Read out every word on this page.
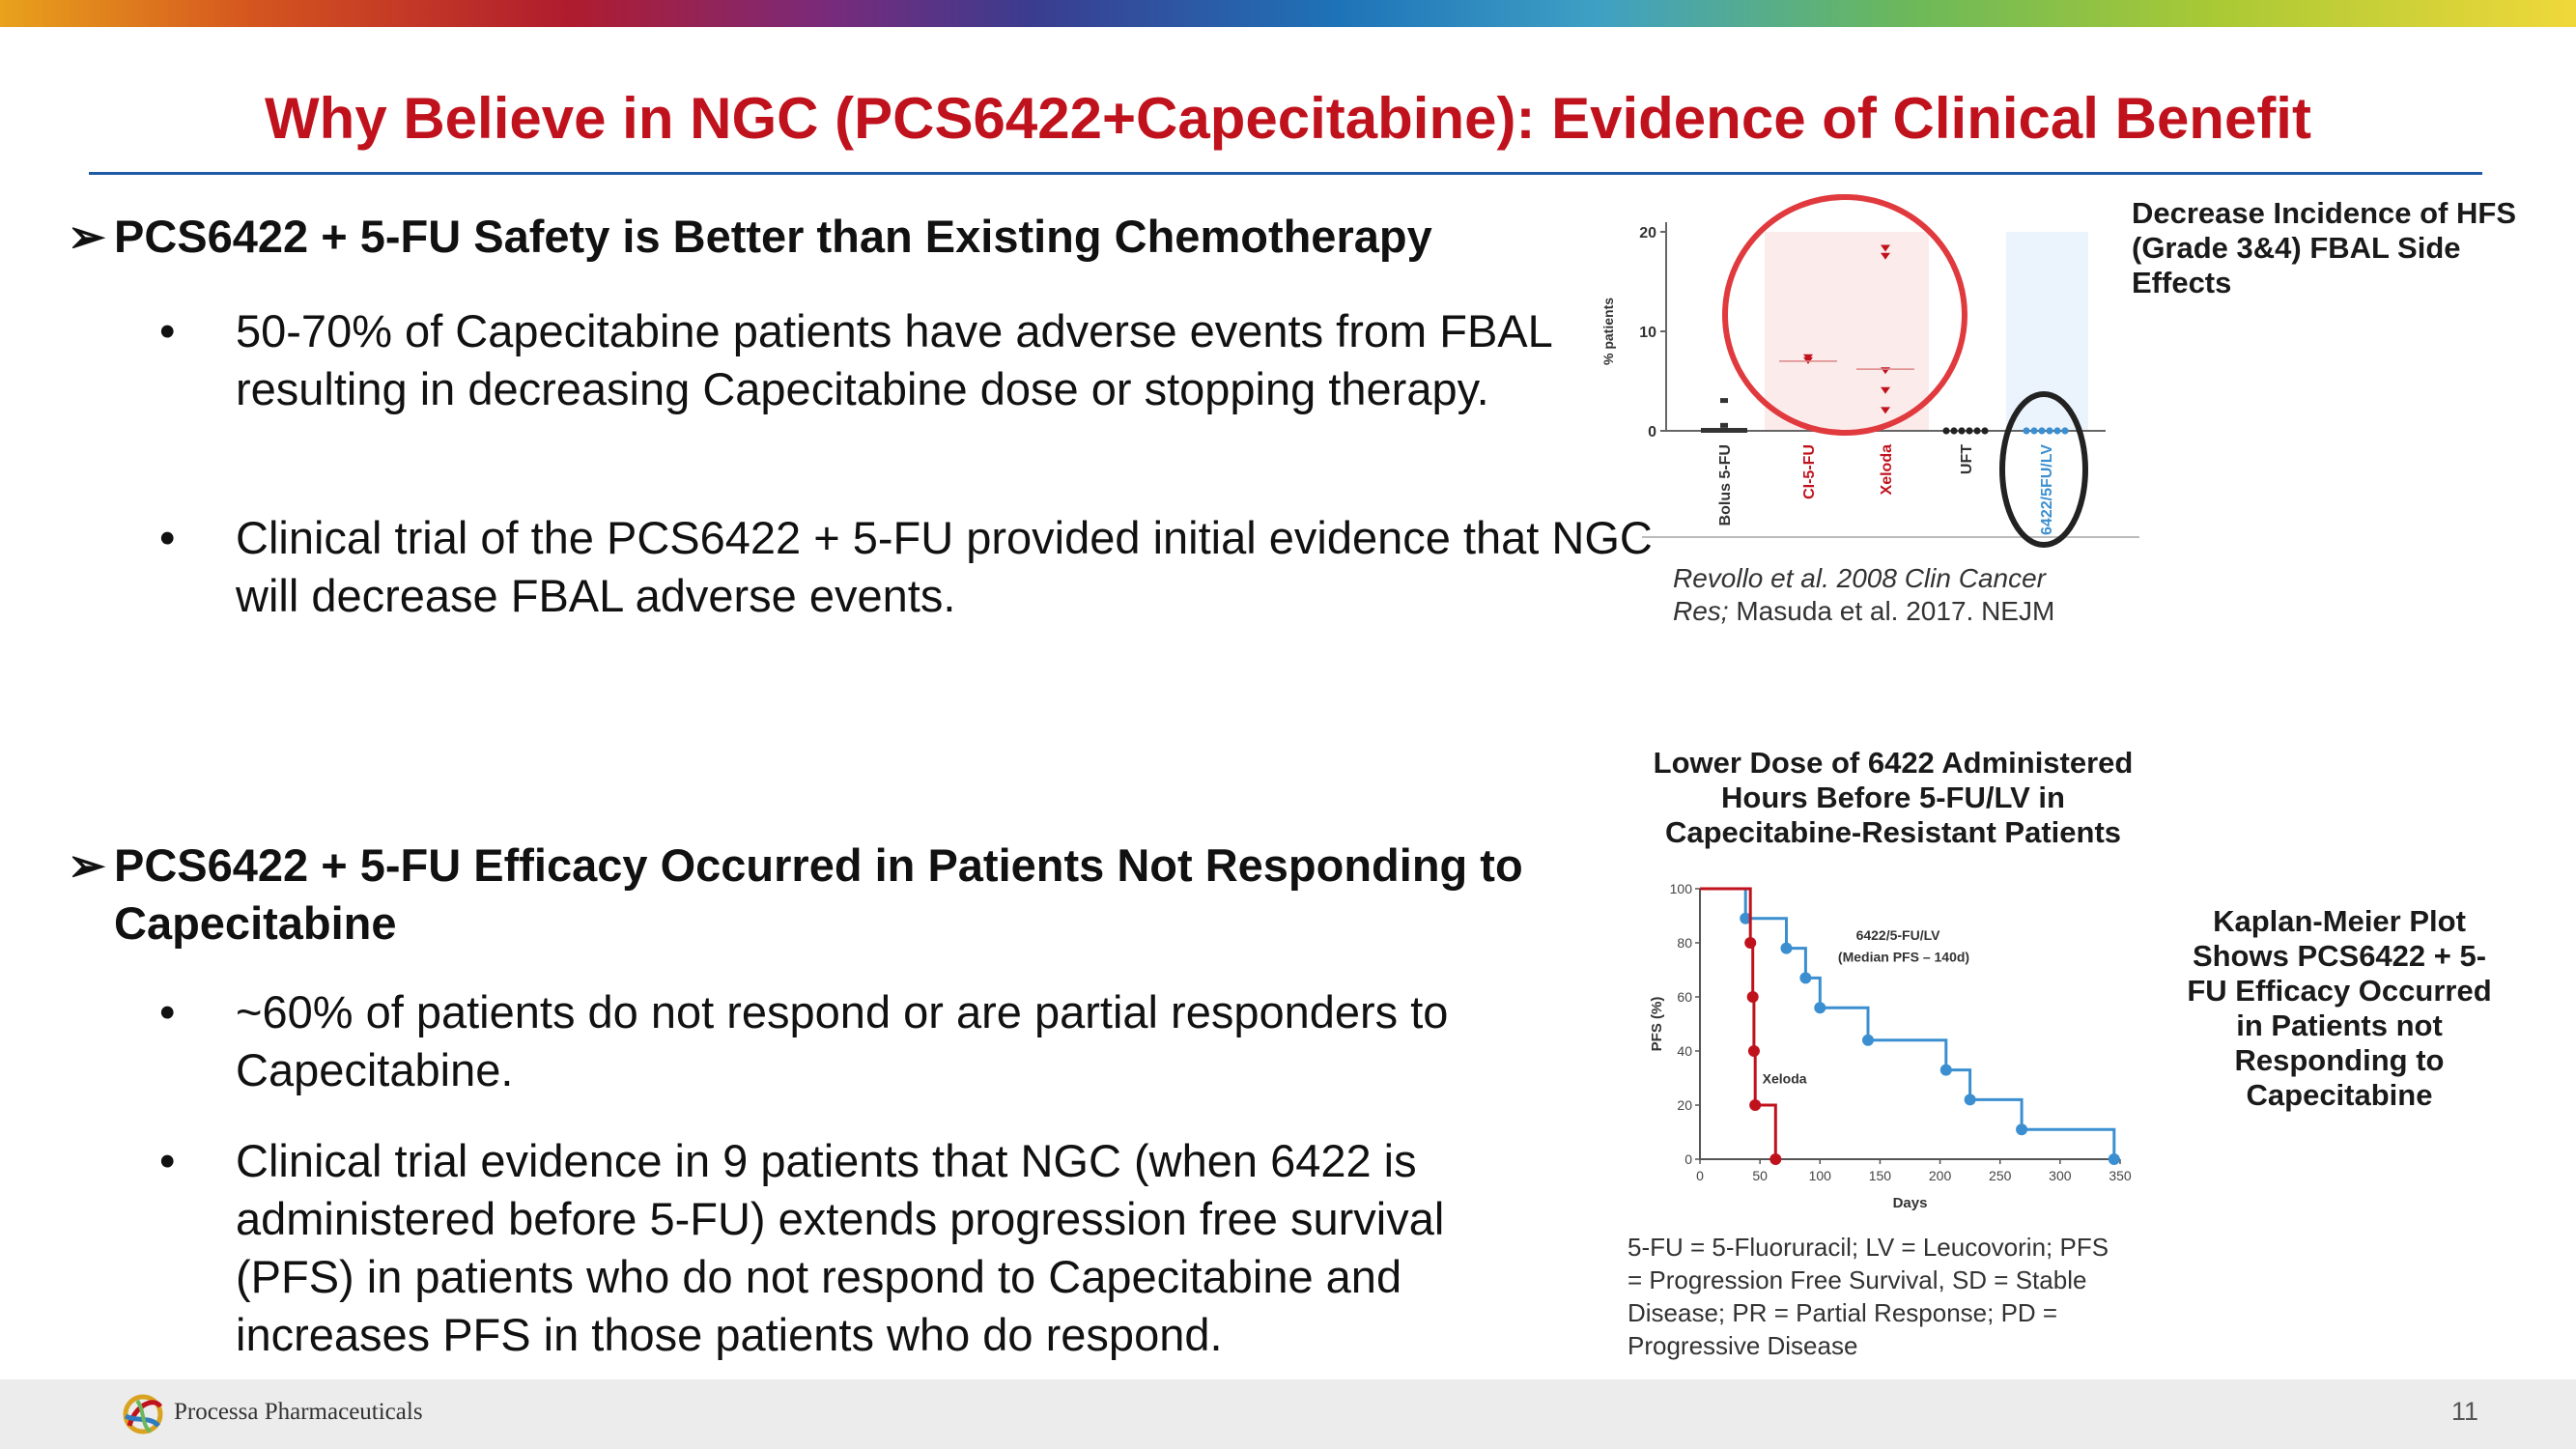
Why Believe in NGC (PCS6422+Capecitabine): Evidence of Clinical Benefit
➢ PCS6422 + 5-FU Safety is Better than Existing Chemotherapy
• 50-70% of Capecitabine patients have adverse events from FBAL resulting in decreasing Capecitabine dose or stopping therapy.
• Clinical trial of the PCS6422 + 5-FU provided initial evidence that NGC will decrease FBAL adverse events.
➢ PCS6422 + 5-FU Efficacy Occurred in Patients Not Responding to Capecitabine
• ~60% of patients do not respond or are partial responders to Capecitabine.
• Clinical trial evidence in 9 patients that NGC (when 6422 is administered before 5-FU) extends progression free survival (PFS) in patients who do not respond to Capecitabine and increases PFS in those patients who do respond.
0
10
20
% patients
Bolus 5-FU	CI-5-FU	Xeloda	UFT	6422/5FU/LV
Decrease Incidence of HFS (Grade 3&4) FBAL Side Effects
Revollo et al. 2008 Clin Cancer Res; Masuda et al. 2017. NEJM
Lower Dose of 6422 Administered Hours Before 5-FU/LV in Capecitabine-Resistant Patients
0
20
40
60
80
100
0	50	100	150	200	250	300	350
Days
PFS (%)
6422/5-FU/LV
(Median PFS – 140d)
Xeloda
Kaplan-Meier Plot Shows PCS6422 + 5-FU Efficacy Occurred in Patients not Responding to Capecitabine
5-FU = 5-Fluoruracil; LV = Leucovorin; PFS = Progression Free Survival, SD = Stable Disease; PR = Partial Response; PD = Progressive Disease
Processa Pharmaceuticals	11
